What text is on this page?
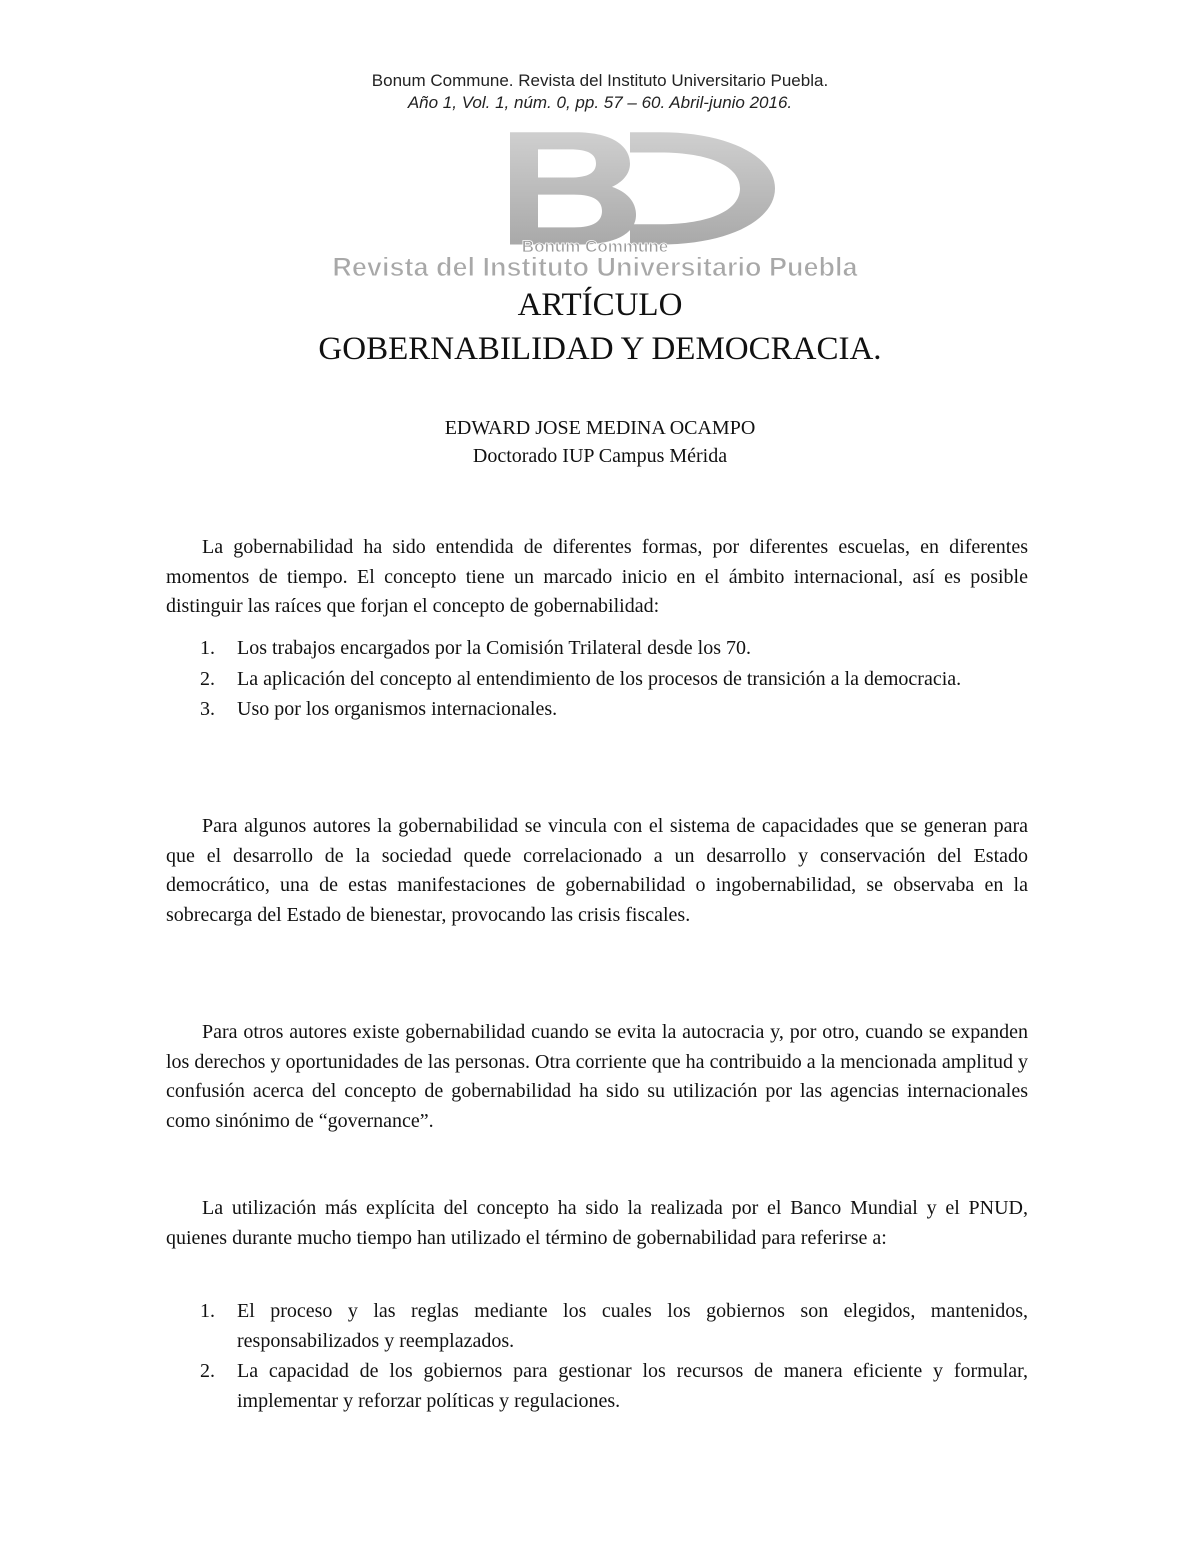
Bonum Commune. Revista del Instituto Universitario Puebla.
Año 1, Vol. 1, núm. 0, pp. 57 – 60. Abril-junio 2016.
Bonum Commune
Revista del Instituto Universitario Puebla
ARTÍCULO
GOBERNABILIDAD Y DEMOCRACIA.
EDWARD JOSE MEDINA OCAMPO
Doctorado IUP Campus Mérida

La gobernabilidad ha sido entendida de diferentes formas, por diferentes escuelas, en diferentes momentos de tiempo. El concepto tiene un marcado inicio en el ámbito internacional, así es posible distinguir las raíces que forjan el concepto de gobernabilidad:

1. Los trabajos encargados por la Comisión Trilateral desde los 70.
2. La aplicación del concepto al entendimiento de los procesos de transición a la democracia.
3. Uso por los organismos internacionales.

Para algunos autores la gobernabilidad se vincula con el sistema de capacidades que se generan para que el desarrollo de la sociedad quede correlacionado a un desarrollo y conservación del Estado democrático, una de estas manifestaciones de gobernabilidad o ingobernabilidad, se observaba en la sobrecarga del Estado de bienestar, provocando las crisis fiscales.

Para otros autores existe gobernabilidad cuando se evita la autocracia y, por otro, cuando se expanden los derechos y oportunidades de las personas. Otra corriente que ha contribuido a la mencionada amplitud y confusión acerca del concepto de gobernabilidad ha sido su utilización por las agencias internacionales como sinónimo de “governance”.

La utilización más explícita del concepto ha sido la realizada por el Banco Mundial y el PNUD, quienes durante mucho tiempo han utilizado el término de gobernabilidad para referirse a:

1. El proceso y las reglas mediante los cuales los gobiernos son elegidos, mantenidos, responsabilizados y reemplazados.
2. La capacidad de los gobiernos para gestionar los recursos de manera eficiente y formular, implementar y reforzar políticas y regulaciones.
